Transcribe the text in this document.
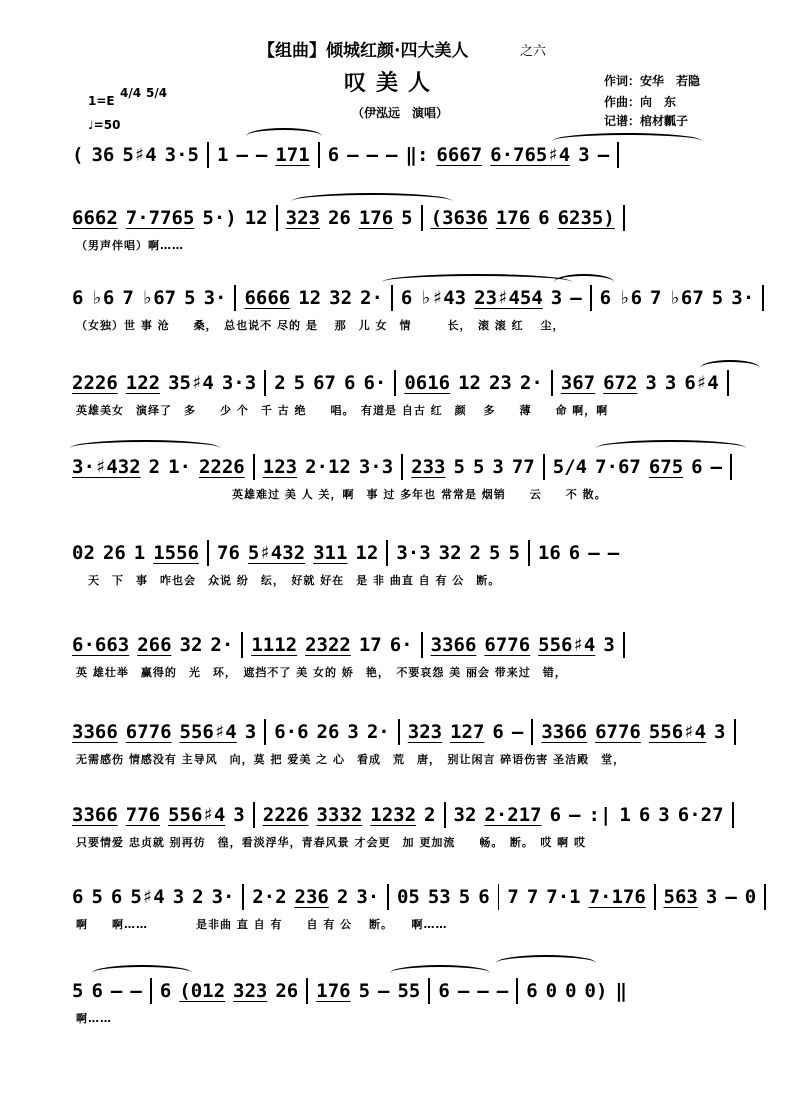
【组曲】倾城红颜·四大美人	之六
叹美人
（伊泓远　演唱）
1=E
4/4 5/4
♩=50
作词：安华　若隐
作曲：向　东
记谱：棺材瓤子
( 36 5♯4 3·5 1 – – 171 6 – – – ‖: 6667 6·765♯4 3 –
6662 7·7765 5·) 12 323 26 176 5 (3636 176 6 6235)
（男声伴唱）啊……
6 ♭6 7 ♭67 5 3· 6666 12 32 2· 6 ♭♯43 23♯454 3 – 6 ♭6 7 ♭67 5 3·
（女独）世 事 沧　　桑，　总也说不 尽的 是　 那　儿 女　情　　　长，　滚 滚 红　 尘，
2226 122 35♯4 3·3 2 5 67 6 6· 0616 12 23 2· 367 672 3 3 6♯4
英雄美女　演绎了　多　　少 个　千 古 绝　　唱。　有道是 自古 红　颜　 多　　薄　　命 啊，啊
3·♯432 2 1· 2226 123 2·12 3·3 233 5 5 3 77 5/4 7·67 675 6 –
　　　　　　　　　　　　　英雄难过 美 人 关，啊　事 过 多年也 常常是 烟销　　云　　不 散。
02 26 1 1556 76 5♯432 311 12 3·3 32 2 5 5 16 6 – –
　天　下　事　咋也会　众说 纷　纭，　好就 好在　是 非 曲直 自 有 公　断。
6·663 266 32 2· 1112 2322 17 6· 3366 6776 556♯4 3
英 雄壮举　赢得的　光　环，　遮挡不了 美 女的 娇　艳，　不要哀怨 美 丽会 带来过　错，
3366 6776 556♯4 3 6·6 26 3 2· 323 127 6 – 3366 6776 556♯4 3
无需感伤 情感没有 主导风　向，莫 把 爱美 之 心　看成　荒　唐，　别让闲言 碎语伤害 圣洁殿　堂，
3366 776 556♯4 3 2226 3332 1232 2 32 2·217 6 – :| 1 6 3 6·27
只要情爱 忠贞就 别再彷　徨，看淡浮华，青春风景 才会更　加 更加流　　畅。　断。　哎 啊 哎
6 5 6 5♯4 3 2 3· 2·2 236 2 3· 05 53 5 6 7 7 7·1 7·176 563 3 – 0
啊　　啊……　　　　是非曲 直 自 有　　自 有 公　 断。　　啊……
5 6 – – 6 (012 323 26 176 5 – 55 6 – – – 6 0 0 0) ‖
啊……
